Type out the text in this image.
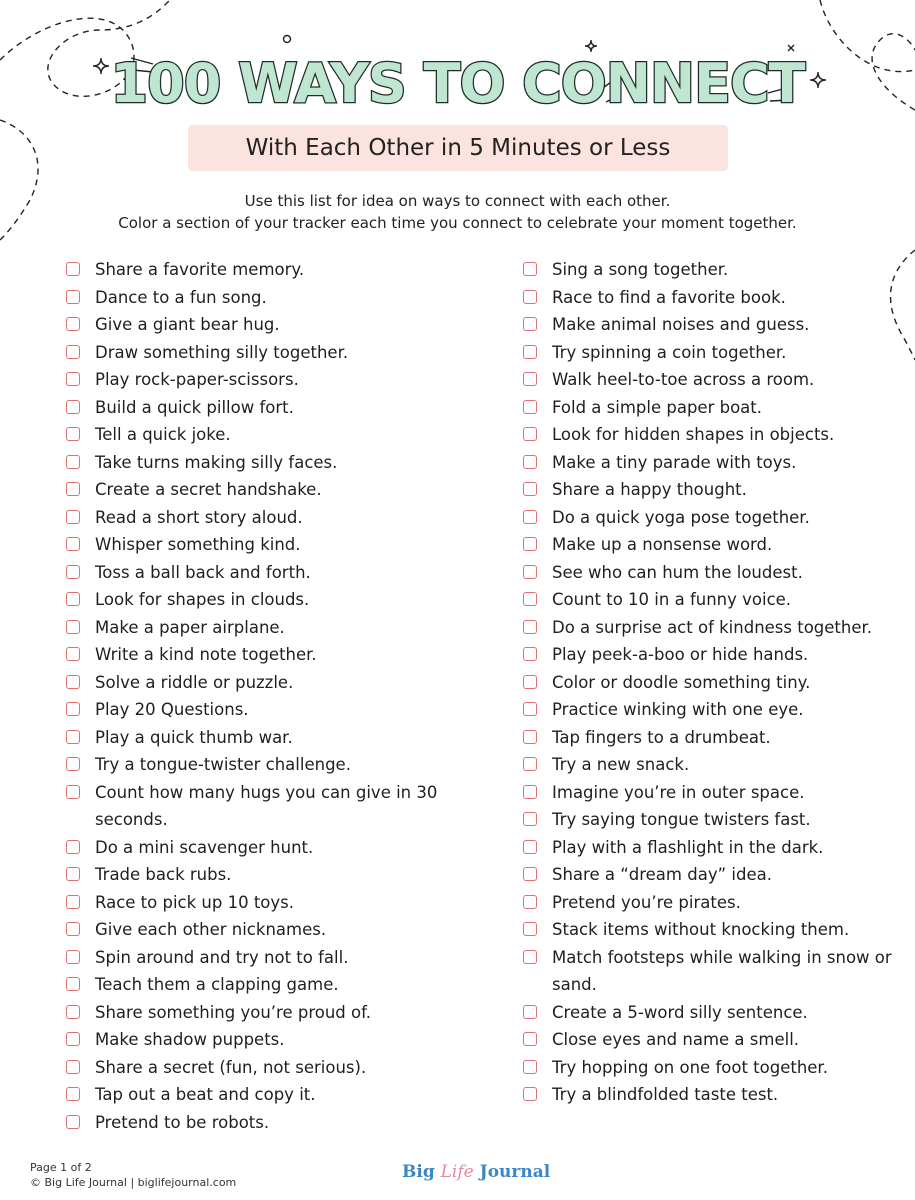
100 WAYS TO CONNECT
With Each Other in 5 Minutes or Less
Use this list for idea on ways to connect with each other.
Color a section of your tracker each time you connect to celebrate your moment together.
Share a favorite memory.
Dance to a fun song.
Give a giant bear hug.
Draw something silly together.
Play rock-paper-scissors.
Build a quick pillow fort.
Tell a quick joke.
Take turns making silly faces.
Create a secret handshake.
Read a short story aloud.
Whisper something kind.
Toss a ball back and forth.
Look for shapes in clouds.
Make a paper airplane.
Write a kind note together.
Solve a riddle or puzzle.
Play 20 Questions.
Play a quick thumb war.
Try a tongue-twister challenge.
Count how many hugs you can give in 30 seconds.
Do a mini scavenger hunt.
Trade back rubs.
Race to pick up 10 toys.
Give each other nicknames.
Spin around and try not to fall.
Teach them a clapping game.
Share something you’re proud of.
Make shadow puppets.
Share a secret (fun, not serious).
Tap out a beat and copy it.
Pretend to be robots.
Sing a song together.
Race to find a favorite book.
Make animal noises and guess.
Try spinning a coin together.
Walk heel-to-toe across a room.
Fold a simple paper boat.
Look for hidden shapes in objects.
Make a tiny parade with toys.
Share a happy thought.
Do a quick yoga pose together.
Make up a nonsense word.
See who can hum the loudest.
Count to 10 in a funny voice.
Do a surprise act of kindness together.
Play peek-a-boo or hide hands.
Color or doodle something tiny.
Practice winking with one eye.
Tap fingers to a drumbeat.
Try a new snack.
Imagine you’re in outer space.
Try saying tongue twisters fast.
Play with a flashlight in the dark.
Share a “dream day” idea.
Pretend you’re pirates.
Stack items without knocking them.
Match footsteps while walking in snow or sand.
Create a 5-word silly sentence.
Close eyes and name a smell.
Try hopping on one foot together.
Try a blindfolded taste test.
Page 1 of 2
© Big Life Journal | biglifejournal.com
Big Life Journal
